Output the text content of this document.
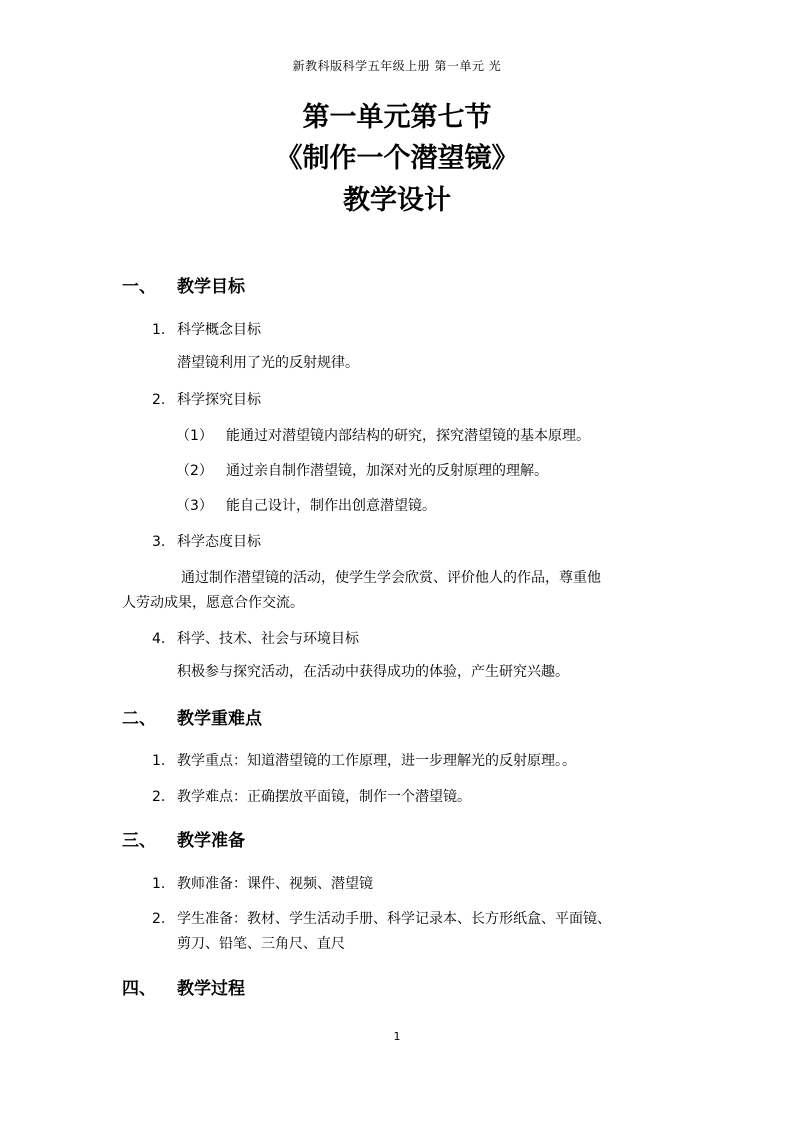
新教科版科学五年级上册 第一单元 光
第一单元第七节
《制作一个潜望镜》
教学设计
一、 教学目标
1. 科学概念目标
潜望镜利用了光的反射规律。
2. 科学探究目标
（1） 能通过对潜望镜内部结构的研究，探究潜望镜的基本原理。
（2） 通过亲自制作潜望镜，加深对光的反射原理的理解。
（3） 能自己设计，制作出创意潜望镜。
3. 科学态度目标
通过制作潜望镜的活动，使学生学会欣赏、评价他人的作品，尊重他
人劳动成果，愿意合作交流。
4. 科学、技术、社会与环境目标
积极参与探究活动，在活动中获得成功的体验，产生研究兴趣。
二、 教学重难点
1. 教学重点：知道潜望镜的工作原理，进一步理解光的反射原理。。
2. 教学难点：正确摆放平面镜，制作一个潜望镜。
三、 教学准备
1. 教师准备：课件、视频、潜望镜
2. 学生准备：教材、学生活动手册、科学记录本、长方形纸盒、平面镜、
剪刀、铅笔、三角尺、直尺
四、 教学过程
1
